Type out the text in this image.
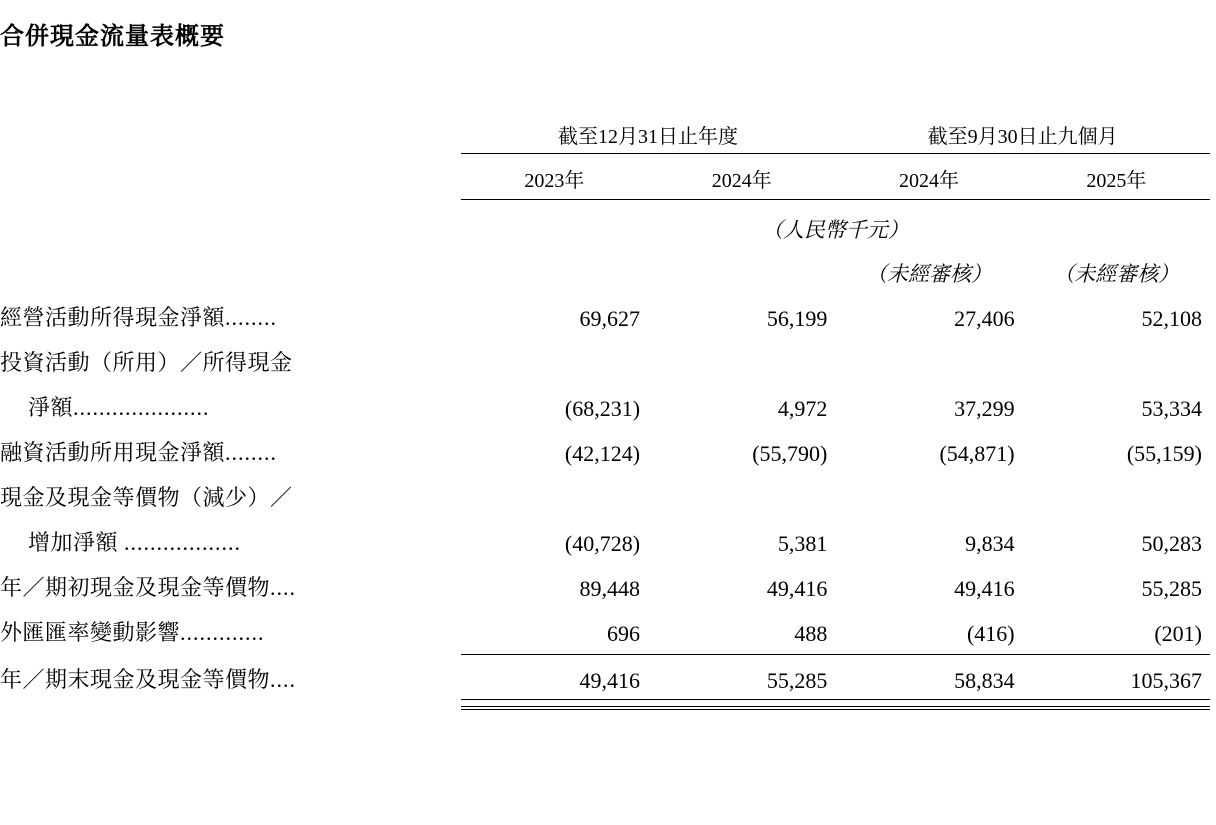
合併現金流量表概要
	截至12月31日止年度		截至9月30日止九個月	
	2023年	2024年	2024年	2025年
	（人民幣千元）			
			（未經審核）	（未經審核）
經營活動所得現金淨額........	69,627	56,199	27,406	52,108
投資活動（所用）／所得現金				
淨額.....................	(68,231)	4,972	37,299	53,334
融資活動所用現金淨額........	(42,124)	(55,790)	(54,871)	(55,159)
現金及現金等價物（減少）／				
增加淨額 ..................	(40,728)	5,381	9,834	50,283
年／期初現金及現金等價物....	89,448	49,416	49,416	55,285
外匯匯率變動影響.............	696	488	(416)	(201)
年／期末現金及現金等價物....	49,416	55,285	58,834	105,367
